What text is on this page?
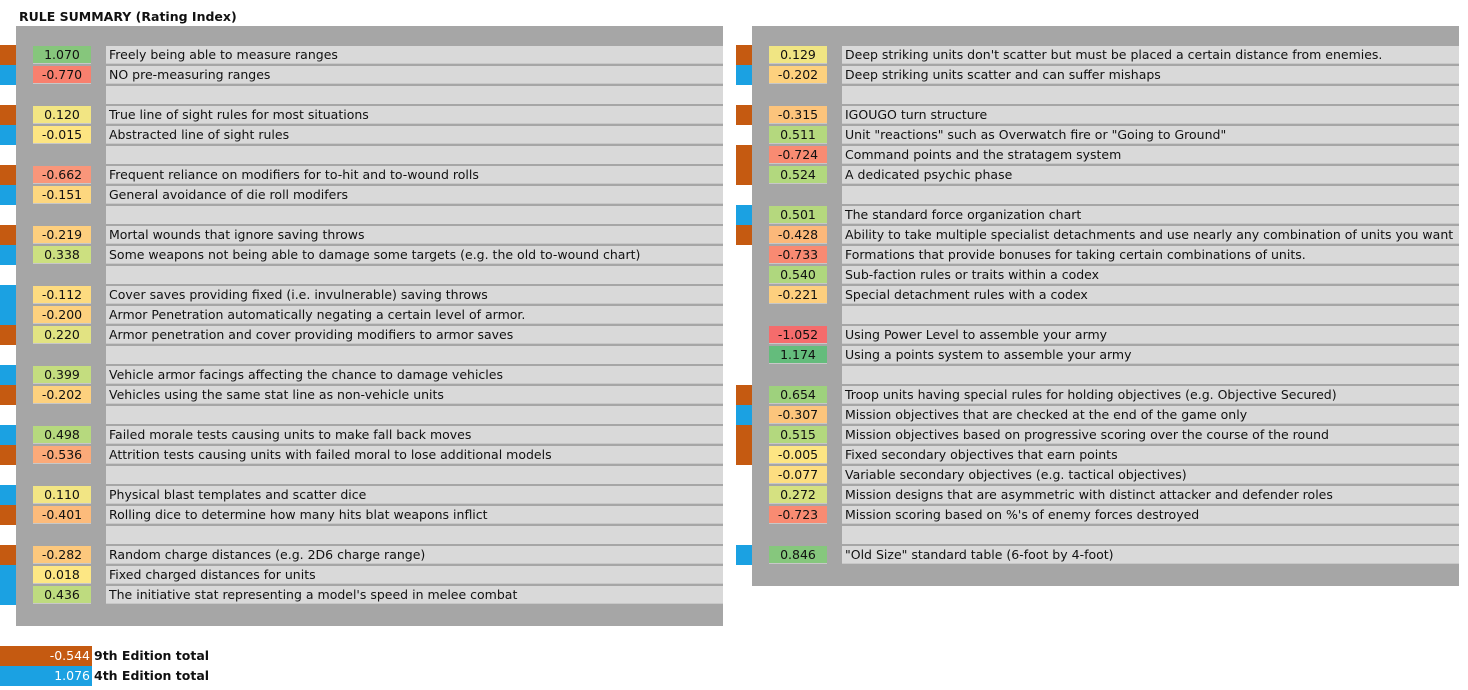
RULE SUMMARY (Rating Index)
1.070	Freely being able to measure ranges
-0.770	NO pre-measuring ranges
0.120	True line of sight rules for most situations
-0.015	Abstracted line of sight rules
-0.662	Frequent reliance on modifiers for to-hit and to-wound rolls
-0.151	General avoidance of die roll modifers
-0.219	Mortal wounds that ignore saving throws
0.338	Some weapons not being able to damage some targets (e.g. the old to-wound chart)
-0.112	Cover saves providing fixed (i.e. invulnerable) saving throws
-0.200	Armor Penetration automatically negating a certain level of armor.
0.220	Armor penetration and cover providing modifiers to armor saves
0.399	Vehicle armor facings affecting the chance to damage vehicles
-0.202	Vehicles using the same stat line as non-vehicle units
0.498	Failed morale tests causing units to make fall back moves
-0.536	Attrition tests causing units with failed moral to lose additional models
0.110	Physical blast templates and scatter dice
-0.401	Rolling dice to determine how many hits blat weapons inflict
-0.282	Random charge distances (e.g. 2D6 charge range)
0.018	Fixed charged distances for units
0.436	The initiative stat representing a model's speed in melee combat
0.129	Deep striking units don't scatter but must be placed a certain distance from enemies.
-0.202	Deep striking units scatter and can suffer mishaps
-0.315	IGOUGO turn structure
0.511	Unit "reactions" such as Overwatch fire or "Going to Ground"
-0.724	Command points and the stratagem system
0.524	A dedicated psychic phase
0.501	The standard force organization chart
-0.428	Ability to take multiple specialist detachments and use nearly any combination of units you want
-0.733	Formations that provide bonuses for taking certain combinations of units.
0.540	Sub-faction rules or traits within a codex
-0.221	Special detachment rules with a codex
-1.052	Using Power Level to assemble your army
1.174	Using a points system to assemble your army
0.654	Troop units having special rules for holding objectives (e.g. Objective Secured)
-0.307	Mission objectives that are checked at the end of the game only
0.515	Mission objectives based on progressive scoring over the course of the round
-0.005	Fixed secondary objectives that earn points
-0.077	Variable secondary objectives (e.g. tactical objectives)
0.272	Mission designs that are asymmetric with distinct attacker and defender roles
-0.723	Mission scoring based on %'s of enemy forces destroyed
0.846	"Old Size" standard table (6-foot by 4-foot)
-0.544 9th Edition total
1.076 4th Edition total
